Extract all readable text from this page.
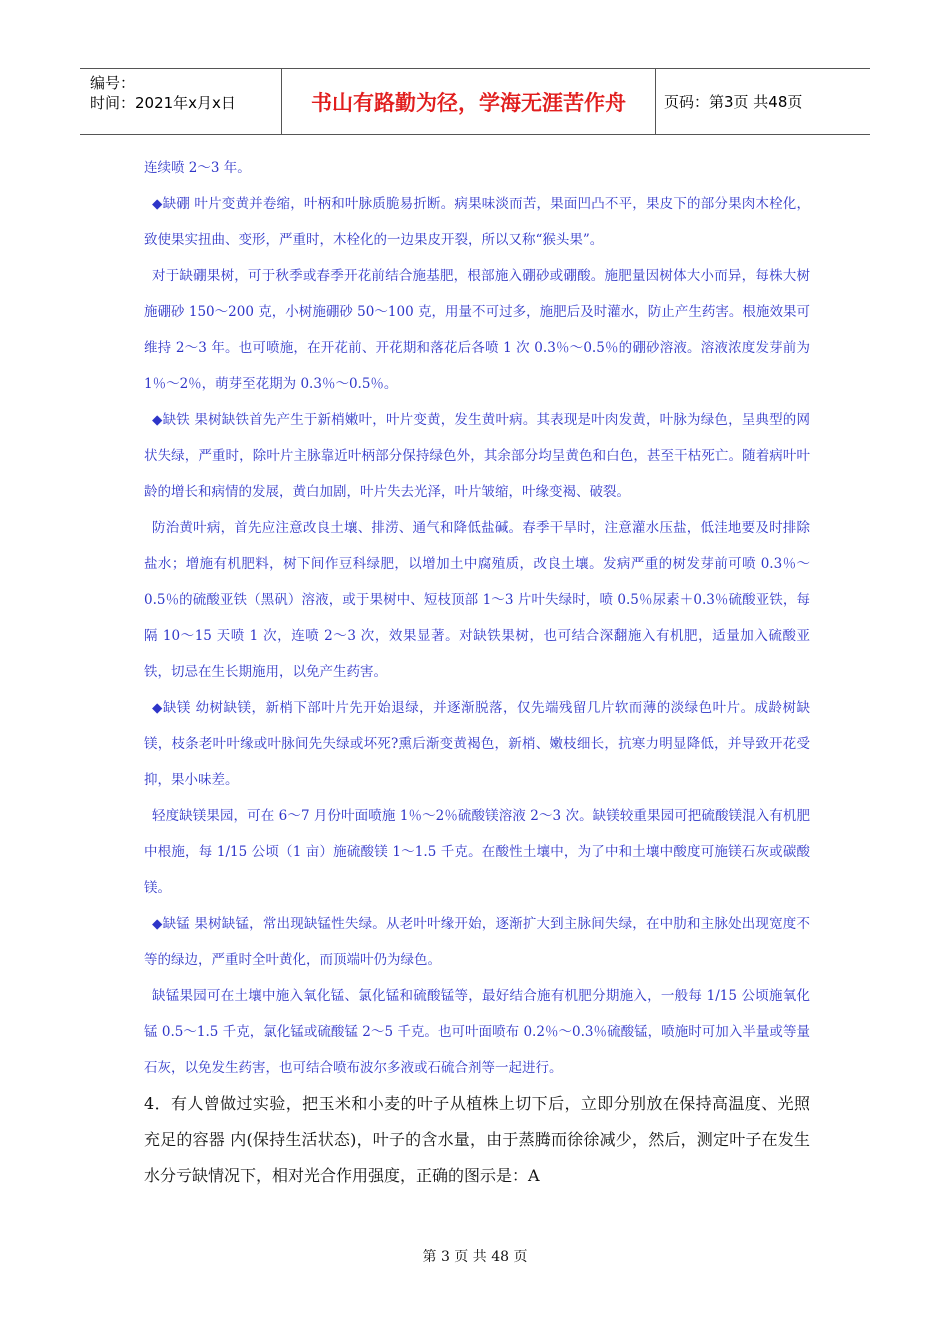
编号：
时间：2021年x月x日	书山有路勤为径，学海无涯苦作舟	页码：第3页 共48页

连续喷 2～3 年。

◆缺硼 叶片变黄并卷缩，叶柄和叶脉质脆易折断。病果味淡而苦，果面凹凸不平，果皮下的部分果肉木栓化，致使果实扭曲、变形，严重时，木栓化的一边果皮开裂，所以又称“猴头果”。

对于缺硼果树，可于秋季或春季开花前结合施基肥，根部施入硼砂或硼酸。施肥量因树体大小而异，每株大树施硼砂 150～200 克，小树施硼砂 50～100 克，用量不可过多，施肥后及时灌水，防止产生药害。根施效果可维持 2～3 年。也可喷施，在开花前、开花期和落花后各喷 1 次 0.3％～0.5％的硼砂溶液。溶液浓度发芽前为 1％～2％，萌芽至花期为 0.3％～0.5％。

◆缺铁 果树缺铁首先产生于新梢嫩叶，叶片变黄，发生黄叶病。其表现是叶肉发黄，叶脉为绿色，呈典型的网状失绿，严重时，除叶片主脉靠近叶柄部分保持绿色外，其余部分均呈黄色和白色，甚至干枯死亡。随着病叶叶龄的增长和病情的发展，黄白加剧，叶片失去光泽，叶片皱缩，叶缘变褐、破裂。

防治黄叶病，首先应注意改良土壤、排涝、通气和降低盐碱。春季干旱时，注意灌水压盐，低洼地要及时排除盐水；增施有机肥料，树下间作豆科绿肥，以增加土中腐殖质，改良土壤。发病严重的树发芽前可喷 0.3％～0.5％的硫酸亚铁（黑矾）溶液，或于果树中、短枝顶部 1～3 片叶失绿时，喷 0.5％尿素＋0.3％硫酸亚铁，每隔 10～15 天喷 1 次，连喷 2～3 次，效果显著。对缺铁果树，也可结合深翻施入有机肥，适量加入硫酸亚铁，切忌在生长期施用，以免产生药害。

◆缺镁 幼树缺镁，新梢下部叶片先开始退绿，并逐渐脱落，仅先端残留几片软而薄的淡绿色叶片。成龄树缺镁，枝条老叶叶缘或叶脉间先失绿或坏死?熏后渐变黄褐色，新梢、嫩枝细长，抗寒力明显降低，并导致开花受抑，果小味差。

轻度缺镁果园，可在 6～7 月份叶面喷施 1％～2％硫酸镁溶液 2～3 次。缺镁较重果园可把硫酸镁混入有机肥中根施，每 1/15 公顷（1 亩）施硫酸镁 1～1.5 千克。在酸性土壤中，为了中和土壤中酸度可施镁石灰或碳酸镁。

◆缺锰 果树缺锰，常出现缺锰性失绿。从老叶叶缘开始，逐渐扩大到主脉间失绿，在中肋和主脉处出现宽度不等的绿边，严重时全叶黄化，而顶端叶仍为绿色。

缺锰果园可在土壤中施入氧化锰、氯化锰和硫酸锰等，最好结合施有机肥分期施入，一般每 1/15 公顷施氧化锰 0.5～1.5 千克，氯化锰或硫酸锰 2～5 千克。也可叶面喷布 0.2％～0.3％硫酸锰，喷施时可加入半量或等量石灰，以免发生药害，也可结合喷布波尔多液或石硫合剂等一起进行。

4．有人曾做过实验，把玉米和小麦的叶子从植株上切下后，立即分别放在保持高温度、光照充足的容器 内(保持生活状态)，叶子的含水量，由于蒸腾而徐徐减少，然后，测定叶子在发生水分亏缺情况下，相对光合作用强度，正确的图示是：A

第 3 页 共 48 页
